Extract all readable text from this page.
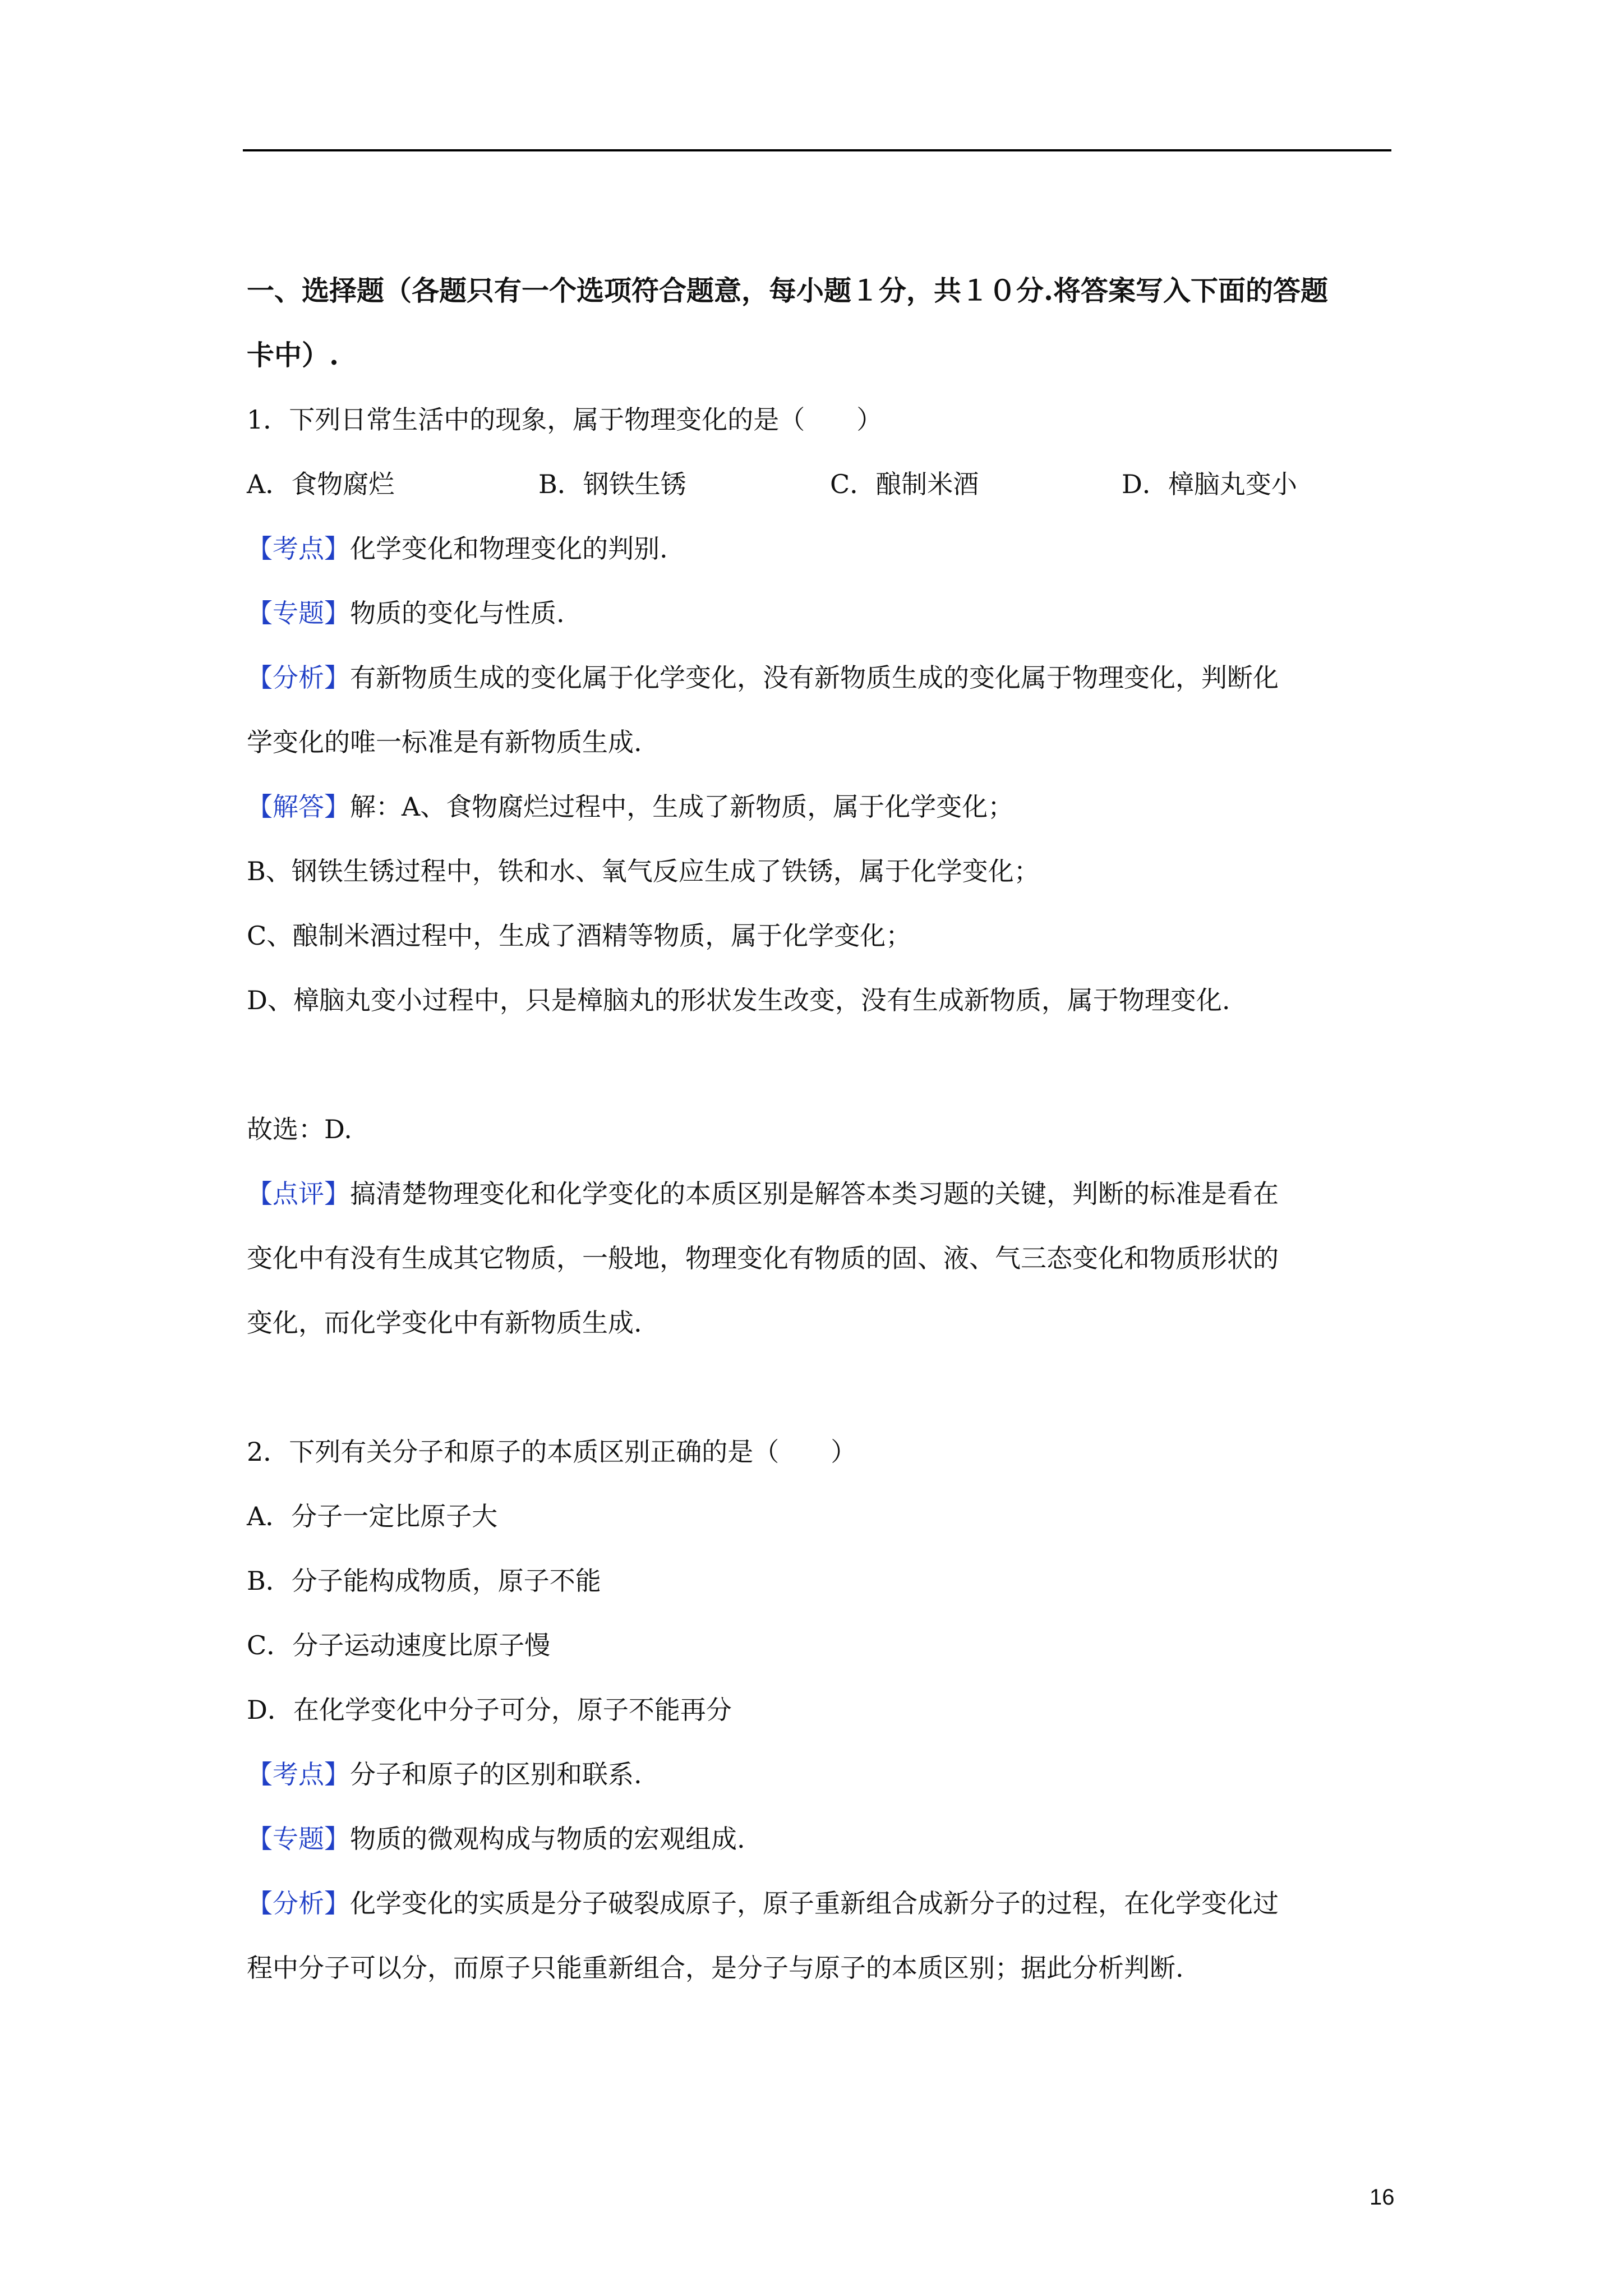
一、选择题（各题只有一个选项符合题意，每小题１分，共１０分.将答案写入下面的答题
卡中）.
1．下列日常生活中的现象，属于物理变化的是（　　）
A．食物腐烂	B．钢铁生锈	C．酿制米酒	D．樟脑丸变小
【考点】化学变化和物理变化的判别.
【专题】物质的变化与性质.
【分析】有新物质生成的变化属于化学变化，没有新物质生成的变化属于物理变化，判断化
学变化的唯一标准是有新物质生成.
【解答】解：A、食物腐烂过程中，生成了新物质，属于化学变化；
B、钢铁生锈过程中，铁和水、氧气反应生成了铁锈，属于化学变化；
C、酿制米酒过程中，生成了酒精等物质，属于化学变化；
D、樟脑丸变小过程中，只是樟脑丸的形状发生改变，没有生成新物质，属于物理变化.
故选：D.
【点评】搞清楚物理变化和化学变化的本质区别是解答本类习题的关键，判断的标准是看在
变化中有没有生成其它物质，一般地，物理变化有物质的固、液、气三态变化和物质形状的
变化，而化学变化中有新物质生成.
2．下列有关分子和原子的本质区别正确的是（　　）
A．分子一定比原子大
B．分子能构成物质，原子不能
C．分子运动速度比原子慢
D．在化学变化中分子可分，原子不能再分
【考点】分子和原子的区别和联系.
【专题】物质的微观构成与物质的宏观组成.
【分析】化学变化的实质是分子破裂成原子，原子重新组合成新分子的过程，在化学变化过
程中分子可以分，而原子只能重新组合，是分子与原子的本质区别；据此分析判断.
16
